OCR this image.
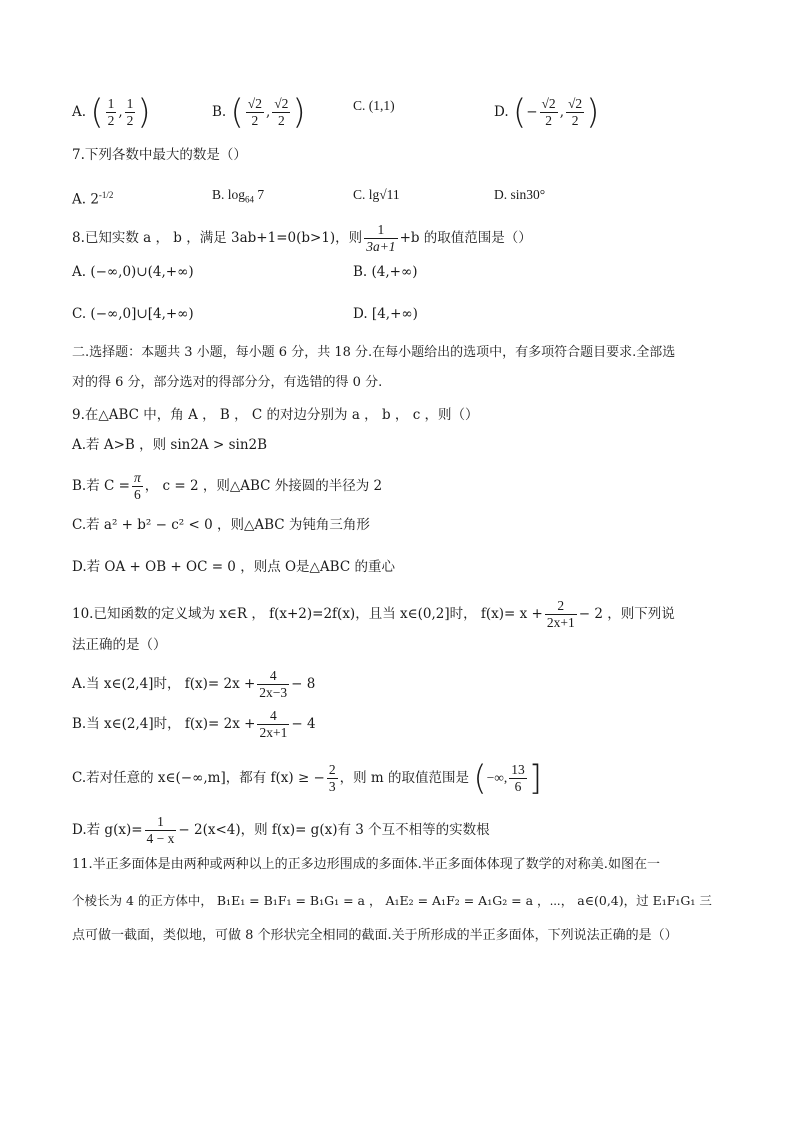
A. ( $\frac{1}{2}$ , $\frac{1}{2}$ )	B. ( $\frac{√2}{2}$ , $\frac{√2}{2}$ )	C. (1,1)	D. (− $\frac{√2}{2}$ , $\frac{√2}{2}$ )
7.下列各数中最大的数是（）
A. $2^{-1/2}$	B. $\log_{64} 7$	C. lg√11	D. sin30°
8.已知实数 a ， b ，满足 3ab+1=0(b>1)，则 $\frac{1}{3a+1} +b$ 的取值范围是（）
A. (−∞,0)∪(4,+∞)	B. (4,+∞)
C. (−∞,0]∪[4,+∞)	D. [4,+∞)
二.选择题：本题共 3 小题，每小题 6 分，共 18 分.在每小题给出的选项中，有多项符合题目要求.全部选
对的得 6 分，部分选对的得部分分，有选错的得 0 分.
9.在△ABC 中，角 A ， B ， C 的对边分别为 a ， b ， c ，则（）
A.若 A>B ，则 sin2A > sin2B
B.若 $C = \frac{\pi}{6}$ ， c = 2 ，则△ABC 外接圆的半径为 2
C.若 a² + b² − c² < 0 ，则△ABC 为钝角三角形
D.若 OA + OB + OC = 0 ，则点 O是△ABC 的重心
10.已知函数的定义域为 x∈R ， f(x+2)=2f(x)，且当 x∈(0,2]时， $f(x)= x + \frac{2}{2x+1} - 2$ ，则下列说
法正确的是（）
A.当 x∈(2,4]时， $f(x)= 2x + \frac{4}{2x-3} - 8$
B.当 x∈(2,4]时， $f(x)= 2x + \frac{4}{2x+1} - 4$
C.若对任意的 x∈(−∞,m]，都有 f(x) ≥ − $\frac{2}{3}$ ，则 m 的取值范围是 (−∞, $\frac{13}{6}$ ]
D.若 $g(x)= \frac{1}{4 - x} - 2(x<4)$，则 f(x)= g(x)有 3 个互不相等的实数根
11.半正多面体是由两种或两种以上的正多边形围成的多面体.半正多面体体现了数学的对称美.如图在一
个棱长为 4 的正方体中， B₁E₁ = B₁F₁ = B₁G₁ = a ， A₁E₂ = A₁F₂ = A₁G₂ = a ，⋯， a∈(0,4)，过 E₁F₁G₁ 三
点可做一截面，类似地，可做 8 个形状完全相同的截面.关于所形成的半正多面体，下列说法正确的是（）
